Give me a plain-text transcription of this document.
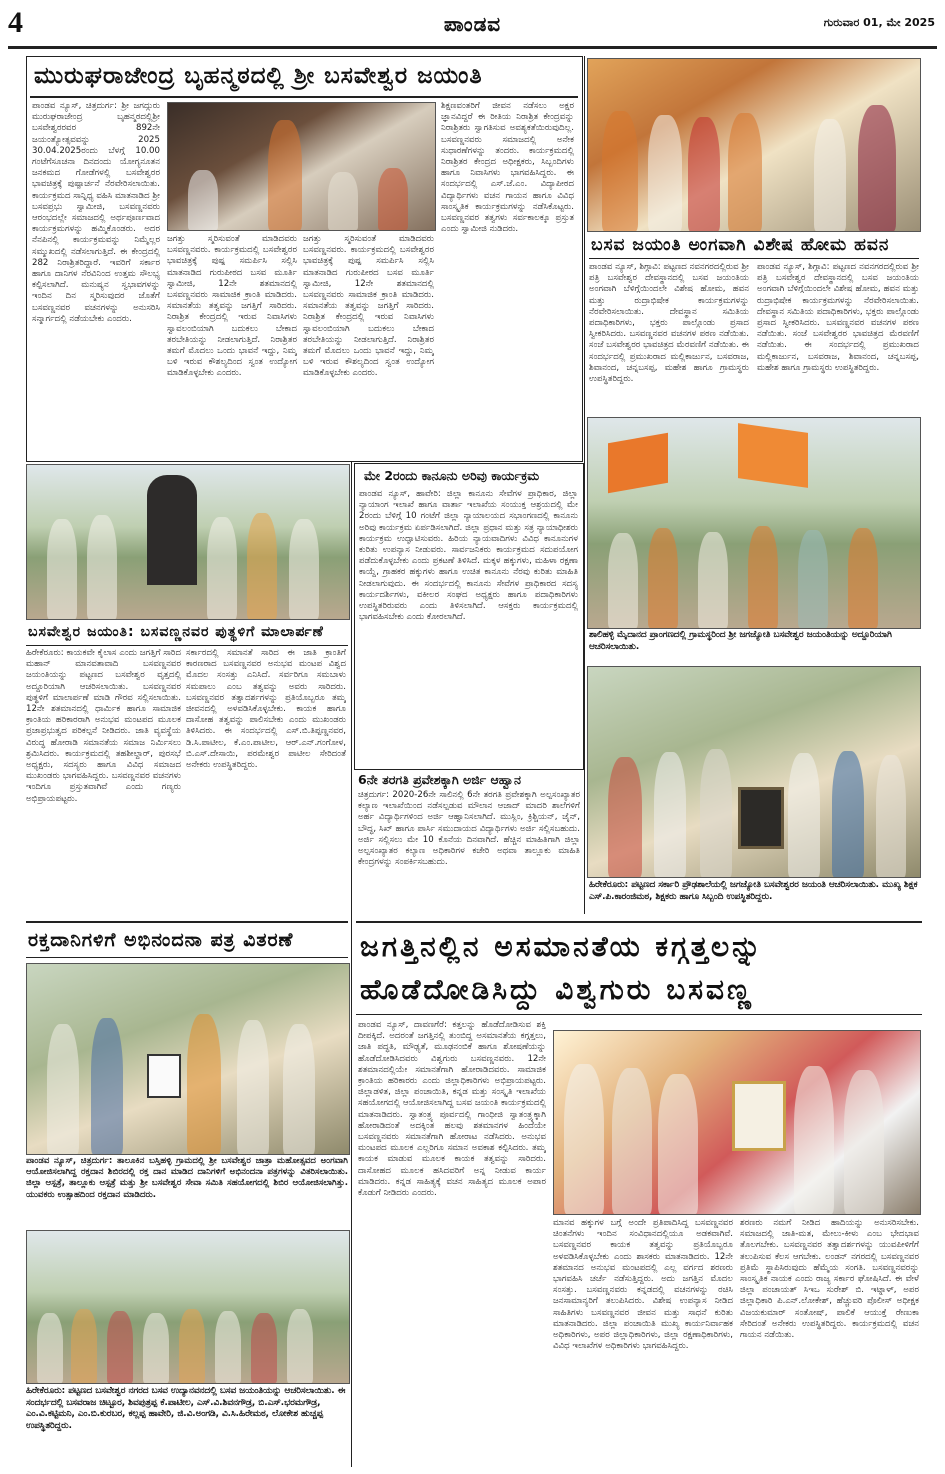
4	ಪಾಂಡವ	ಗುರುವಾರ 01, ಮೇ 2025
ಮುರುಘರಾಜೇಂದ್ರ ಬೃಹನ್ಮಠದಲ್ಲಿ ಶ್ರೀ ಬಸವೇಶ್ವರ ಜಯಂತಿ
ಪಾಂಡವ ನ್ಯೂಸ್, ಚಿತ್ರದುರ್ಗ: ಶ್ರೀ ಜಗದ್ಗುರು ಮುರುಘರಾಜೇಂದ್ರ ಬೃಹನ್ಮಠದಲ್ಲಿಶ್ರೀ ಬಸವೇಶ್ವರರವರ 892ನೇ ಜಯಂತ್ಯೋತ್ಸವವನ್ನು 2025 30.04.2025ರಂದು ಬೆಳಗ್ಗೆ 10.00 ಗಂಟೆಗೆಸೂಚನಾ ದಿನದಂದು ಯೋಗ್ಯನೂತನ ಜನಕಮದ ಗೋಡೆಗಳಲ್ಲಿ ಬಸವೇಶ್ವರರ ಭಾವಚಿತ್ರಕ್ಕೆ ಪುಷ್ಪಾರ್ಚನೆ ನೆರವೇರಿಸಲಾಯಿತು. ಕಾರ್ಯಕ್ರಮದ ಸಾನ್ನಿಧ್ಯ ವಹಿಸಿ ಮಾತನಾಡಿದ ಶ್ರೀ ಬಸವಪ್ರಭು ಸ್ವಾಮೀಜಿ, ಬಸವಣ್ಣನವರು ಆರಂಭದಲ್ಲೇ ಸಮಾಜದಲ್ಲಿ ಅರ್ಥಪೂರ್ಣವಾದ ಕಾರ್ಯಕ್ರಮಗಳನ್ನು ಹಮ್ಮಿಕೊಂಡರು. ಅದರ ನೆನಪಿನಲ್ಲಿ ಕಾರ್ಯಕ್ರಮವನ್ನು ನಿಮ್ಮೆಲ್ಲರ ಸಮ್ಮುಖದಲ್ಲಿ ನಡೆಸಲಾಗುತ್ತಿದೆ. ಈ ಕೇಂದ್ರದಲ್ಲಿ 282 ನಿರಾಶ್ರಿತರಿದ್ದಾರೆ. ಇವರಿಗೆ ಸರ್ಕಾರ ಹಾಗೂ ದಾನಿಗಳ ನೆರವಿನಿಂದ ಉತ್ತಮ ಸೌಲಭ್ಯ ಕಲ್ಪಿಸಲಾಗಿದೆ. ಮನುಷ್ಯನ ಸ್ವಭಾವಗಳನ್ನು ಇಂದಿನ ದಿನ ಸ್ಮರಿಸುವುದರ ಜೊತೆಗೆ ಬಸವಣ್ಣನವರ ವಚನಗಳನ್ನು ಅನುಸರಿಸಿ ಸನ್ಮಾರ್ಗದಲ್ಲಿ ನಡೆಯಬೇಕು ಎಂದರು.
ಜಗತ್ತು ಸ್ಮರಿಸುವಂತೆ ಮಾಡಿದವರು ಬಸವಣ್ಣನವರು. ಕಾರ್ಯಕ್ರಮದಲ್ಲಿ ಬಸವೇಶ್ವರರ ಭಾವಚಿತ್ರಕ್ಕೆ ಪುಷ್ಪ ಸಮರ್ಪಿಸಿ ಸಲ್ಲಿಸಿ ಮಾತನಾಡಿದ ಗುರುಪೀಠದ ಬಸವ ಮೂರ್ತಿ ಸ್ವಾಮೀಜಿ, 12ನೇ ಶತಮಾನದಲ್ಲಿ ಬಸವಣ್ಣನವರು ಸಾಮಾಜಿಕ ಕ್ರಾಂತಿ ಮಾಡಿದರು. ಸಮಾನತೆಯ ತತ್ವವನ್ನು ಜಗತ್ತಿಗೆ ಸಾರಿದರು. ನಿರಾಶ್ರಿತ ಕೇಂದ್ರದಲ್ಲಿ ಇರುವ ನಿವಾಸಿಗಳು ಸ್ವಾವಲಂಬಿಯಾಗಿ ಬದುಕಲು ಬೇಕಾದ ತರಬೇತಿಯನ್ನು ನೀಡಲಾಗುತ್ತಿದೆ. ನಿರಾಶ್ರಿತರ ತಮಗೆ ಮೊದಲು ಒಂದು ಭಾವನೆ ಇದ್ದು, ನಿಮ್ಮ ಬಳಿ ಇರುವ ಕೌಶಲ್ಯದಿಂದ ಸ್ವಂತ ಉದ್ಯೋಗ ಮಾಡಿಕೊಳ್ಳಬೇಕು ಎಂದರು.
ಜಗತ್ತು ಸ್ಮರಿಸುವಂತೆ ಮಾಡಿದವರು ಬಸವಣ್ಣನವರು. ಕಾರ್ಯಕ್ರಮದಲ್ಲಿ ಬಸವೇಶ್ವರರ ಭಾವಚಿತ್ರಕ್ಕೆ ಪುಷ್ಪ ಸಮರ್ಪಿಸಿ ಸಲ್ಲಿಸಿ ಮಾತನಾಡಿದ ಗುರುಪೀಠದ ಬಸವ ಮೂರ್ತಿ ಸ್ವಾಮೀಜಿ, 12ನೇ ಶತಮಾನದಲ್ಲಿ ಬಸವಣ್ಣನವರು ಸಾಮಾಜಿಕ ಕ್ರಾಂತಿ ಮಾಡಿದರು. ಸಮಾನತೆಯ ತತ್ವವನ್ನು ಜಗತ್ತಿಗೆ ಸಾರಿದರು. ನಿರಾಶ್ರಿತ ಕೇಂದ್ರದಲ್ಲಿ ಇರುವ ನಿವಾಸಿಗಳು ಸ್ವಾವಲಂಬಿಯಾಗಿ ಬದುಕಲು ಬೇಕಾದ ತರಬೇತಿಯನ್ನು ನೀಡಲಾಗುತ್ತಿದೆ. ನಿರಾಶ್ರಿತರ ತಮಗೆ ಮೊದಲು ಒಂದು ಭಾವನೆ ಇದ್ದು, ನಿಮ್ಮ ಬಳಿ ಇರುವ ಕೌಶಲ್ಯದಿಂದ ಸ್ವಂತ ಉದ್ಯೋಗ ಮಾಡಿಕೊಳ್ಳಬೇಕು ಎಂದರು.
ಶಿಕ್ಷಣವಂತರಿಗೆ ಜೀವನ ನಡೆಸಲು ಅಕ್ಷರ ಜ್ಞಾನವಿದ್ದರೆ ಈ ರೀತಿಯ ನಿರಾಶ್ರಿತ ಕೇಂದ್ರವನ್ನು ನಿರಾಶ್ರಿತರು ಸ್ವಾಗತಿಸುವ ಅವಶ್ಯಕತೆಯಿರುವುದಿಲ್ಲ. ಬಸವಣ್ಣನವರು ಸಮಾಜದಲ್ಲಿ ಅನೇಕ ಸುಧಾರಣೆಗಳನ್ನು ತಂದರು. ಕಾರ್ಯಕ್ರಮದಲ್ಲಿ ನಿರಾಶ್ರಿತರ ಕೇಂದ್ರದ ಅಧೀಕ್ಷಕರು, ಸಿಬ್ಬಂದಿಗಳು ಹಾಗೂ ನಿವಾಸಿಗಳು ಭಾಗವಹಿಸಿದ್ದರು. ಈ ಸಂದರ್ಭದಲ್ಲಿ ಎಸ್.ಜೆ.ಎಂ. ವಿದ್ಯಾಪೀಠದ ವಿದ್ಯಾರ್ಥಿಗಳು ವಚನ ಗಾಯನ ಹಾಗೂ ವಿವಿಧ ಸಾಂಸ್ಕೃತಿಕ ಕಾರ್ಯಕ್ರಮಗಳನ್ನು ನಡೆಸಿಕೊಟ್ಟರು. ಬಸವಣ್ಣನವರ ತತ್ವಗಳು ಸರ್ವಕಾಲಕ್ಕೂ ಪ್ರಸ್ತುತ ಎಂದು ಸ್ವಾಮೀಜಿ ನುಡಿದರು.
ಬಸವ ಜಯಂತಿ ಅಂಗವಾಗಿ ವಿಶೇಷ ಹೋಮ ಹವನ
ಪಾಂಡವ ನ್ಯೂಸ್, ಶಿಗ್ಗಾವಿ: ಪಟ್ಟಣದ ನವನಗರದಲ್ಲಿರುವ ಶ್ರೀ ಪತ್ರಿ ಬಸವೇಶ್ವರ ದೇವಸ್ಥಾನದಲ್ಲಿ ಬಸವ ಜಯಂತಿಯ ಅಂಗವಾಗಿ ಬೆಳಿಗ್ಗೆಯಿಂದಲೇ ವಿಶೇಷ ಹೋಮ, ಹವನ ಮತ್ತು ರುದ್ರಾಭಿಷೇಕ ಕಾರ್ಯಕ್ರಮಗಳನ್ನು ನೆರವೇರಿಸಲಾಯಿತು. ದೇವಸ್ಥಾನ ಸಮಿತಿಯ ಪದಾಧಿಕಾರಿಗಳು, ಭಕ್ತರು ಪಾಲ್ಗೊಂಡು ಪ್ರಸಾದ ಸ್ವೀಕರಿಸಿದರು. ಬಸವಣ್ಣನವರ ವಚನಗಳ ಪಠಣ ನಡೆಯಿತು. ಸಂಜೆ ಬಸವೇಶ್ವರರ ಭಾವಚಿತ್ರದ ಮೆರವಣಿಗೆ ನಡೆಯಿತು. ಈ ಸಂದರ್ಭದಲ್ಲಿ ಪ್ರಮುಖರಾದ ಮಲ್ಲಿಕಾರ್ಜುನ, ಬಸವರಾಜ, ಶಿವಾನಂದ, ಚನ್ನಬಸಪ್ಪ, ಮಹೇಶ ಹಾಗೂ ಗ್ರಾಮಸ್ಥರು ಉಪಸ್ಥಿತರಿದ್ದರು.
ಪಾಂಡವ ನ್ಯೂಸ್, ಶಿಗ್ಗಾವಿ: ಪಟ್ಟಣದ ನವನಗರದಲ್ಲಿರುವ ಶ್ರೀ ಪತ್ರಿ ಬಸವೇಶ್ವರ ದೇವಸ್ಥಾನದಲ್ಲಿ ಬಸವ ಜಯಂತಿಯ ಅಂಗವಾಗಿ ಬೆಳಿಗ್ಗೆಯಿಂದಲೇ ವಿಶೇಷ ಹೋಮ, ಹವನ ಮತ್ತು ರುದ್ರಾಭಿಷೇಕ ಕಾರ್ಯಕ್ರಮಗಳನ್ನು ನೆರವೇರಿಸಲಾಯಿತು. ದೇವಸ್ಥಾನ ಸಮಿತಿಯ ಪದಾಧಿಕಾರಿಗಳು, ಭಕ್ತರು ಪಾಲ್ಗೊಂಡು ಪ್ರಸಾದ ಸ್ವೀಕರಿಸಿದರು. ಬಸವಣ್ಣನವರ ವಚನಗಳ ಪಠಣ ನಡೆಯಿತು. ಸಂಜೆ ಬಸವೇಶ್ವರರ ಭಾವಚಿತ್ರದ ಮೆರವಣಿಗೆ ನಡೆಯಿತು. ಈ ಸಂದರ್ಭದಲ್ಲಿ ಪ್ರಮುಖರಾದ ಮಲ್ಲಿಕಾರ್ಜುನ, ಬಸವರಾಜ, ಶಿವಾನಂದ, ಚನ್ನಬಸಪ್ಪ, ಮಹೇಶ ಹಾಗೂ ಗ್ರಾಮಸ್ಥರು ಉಪಸ್ಥಿತರಿದ್ದರು.
ಶಾಲಿಹಳ್ಳಿ ಮೈದಾನದ ಪ್ರಾಂಗಣದಲ್ಲಿ ಗ್ರಾಮಸ್ಥರಿಂದ ಶ್ರೀ ಜಗಜ್ಯೋತಿ ಬಸವೇಶ್ವರ ಜಯಂತಿಯನ್ನು ಅದ್ದೂರಿಯಾಗಿ ಆಚರಿಸಲಾಯಿತು.
ಹಿರೇಕೆರೂರು: ಪಟ್ಟಣದ ಸರ್ಕಾರಿ ಪ್ರೌಢಶಾಲೆಯಲ್ಲಿ ಜಗಜ್ಯೋತಿ ಬಸವೇಶ್ವರರ ಜಯಂತಿ ಆಚರಿಸಲಾಯಿತು. ಮುಖ್ಯ ಶಿಕ್ಷಕ ಎಸ್.ಪಿ.ಕಾರಂಜಿಮಠ, ಶಿಕ್ಷಕರು ಹಾಗೂ ಸಿಬ್ಬಂದಿ ಉಪಸ್ಥಿತರಿದ್ದರು.
ಬಸವೇಶ್ವರ ಜಯಂತಿ: ಬಸವಣ್ಣನವರ ಪುತ್ಥಳಿಗೆ ಮಾಲಾರ್ಪಣೆ
ಹಿರೇಕೆರೂರು: ಕಾಯಕವೇ ಕೈಲಾಸ ಎಂದು ಜಗತ್ತಿಗೆ ಸಾರಿದ ಮಹಾನ್ ಮಾನವತಾವಾದಿ ಬಸವಣ್ಣನವರ ಜಯಂತಿಯನ್ನು ಪಟ್ಟಣದ ಬಸವೇಶ್ವರ ವೃತ್ತದಲ್ಲಿ ಅದ್ದೂರಿಯಾಗಿ ಆಚರಿಸಲಾಯಿತು. ಬಸವಣ್ಣನವರ ಪುತ್ಥಳಿಗೆ ಮಾಲಾರ್ಪಣೆ ಮಾಡಿ ಗೌರವ ಸಲ್ಲಿಸಲಾಯಿತು. 12ನೇ ಶತಮಾನದಲ್ಲಿ ಧಾರ್ಮಿಕ ಹಾಗೂ ಸಾಮಾಜಿಕ ಕ್ರಾಂತಿಯ ಹರಿಕಾರರಾಗಿ ಅನುಭವ ಮಂಟಪದ ಮೂಲಕ ಪ್ರಜಾಪ್ರಭುತ್ವದ ಪರಿಕಲ್ಪನೆ ನೀಡಿದರು. ಜಾತಿ ವ್ಯವಸ್ಥೆಯ ವಿರುದ್ಧ ಹೋರಾಡಿ ಸಮಾನತೆಯ ಸಮಾಜ ನಿರ್ಮಿಸಲು ಶ್ರಮಿಸಿದರು. ಕಾರ್ಯಕ್ರಮದಲ್ಲಿ ತಹಶೀಲ್ದಾರ್, ಪುರಸಭೆ ಅಧ್ಯಕ್ಷರು, ಸದಸ್ಯರು ಹಾಗೂ ವಿವಿಧ ಸಮಾಜದ ಮುಖಂಡರು ಭಾಗವಹಿಸಿದ್ದರು. ಬಸವಣ್ಣನವರ ವಚನಗಳು ಇಂದಿಗೂ ಪ್ರಸ್ತುತವಾಗಿವೆ ಎಂದು ಗಣ್ಯರು ಅಭಿಪ್ರಾಯಪಟ್ಟರು.
ಸರ್ಕಾರದಲ್ಲಿ ಸಮಾನತೆ ಸಾರಿದ ಈ ಜಾತಿ ಕ್ರಾಂತಿಗೆ ಕಾರಣರಾದ ಬಸವಣ್ಣನವರ ಅನುಭವ ಮಂಟಪ ವಿಶ್ವದ ಮೊದಲ ಸಂಸತ್ತು ಎನಿಸಿದೆ. ಸರ್ವರಿಗೂ ಸಮಬಾಳು ಸಮಪಾಲು ಎಂಬ ತತ್ವವನ್ನು ಅವರು ಸಾರಿದರು. ಬಸವಣ್ಣನವರ ತತ್ವಾದರ್ಶಗಳನ್ನು ಪ್ರತಿಯೊಬ್ಬರೂ ತಮ್ಮ ಜೀವನದಲ್ಲಿ ಅಳವಡಿಸಿಕೊಳ್ಳಬೇಕು. ಕಾಯಕ ಹಾಗೂ ದಾಸೋಹ ತತ್ವವನ್ನು ಪಾಲಿಸಬೇಕು ಎಂದು ಮುಖಂಡರು ತಿಳಿಸಿದರು. ಈ ಸಂದರ್ಭದಲ್ಲಿ ಎಸ್.ಬಿ.ತಿಪ್ಪಣ್ಣನವರ, ಡಿ.ಸಿ.ಪಾಟೀಲ, ಕೆ.ಎಂ.ಪಾಟೀಲ, ಆರ್.ಎನ್.ಗಂಗೋಳ, ಬಿ.ಎಸ್.ದೇಸಾಯಿ, ಪರಮೇಶ್ವರ ಪಾಟೀಲ ಸೇರಿದಂತೆ ಅನೇಕರು ಉಪಸ್ಥಿತರಿದ್ದರು.
ಮೇ 2ರಂದು ಕಾನೂನು ಅರಿವು ಕಾರ್ಯಕ್ರಮ
ಪಾಂಡವ ನ್ಯೂಸ್, ಹಾವೇರಿ: ಜಿಲ್ಲಾ ಕಾನೂನು ಸೇವೆಗಳ ಪ್ರಾಧಿಕಾರ, ಜಿಲ್ಲಾ ನ್ಯಾಯಾಂಗ ಇಲಾಖೆ ಹಾಗೂ ವಾರ್ತಾ ಇಲಾಖೆಯ ಸಂಯುಕ್ತ ಆಶ್ರಯದಲ್ಲಿ ಮೇ 2ರಂದು ಬೆಳಿಗ್ಗೆ 10 ಗಂಟೆಗೆ ಜಿಲ್ಲಾ ನ್ಯಾಯಾಲಯದ ಸಭಾಂಗಣದಲ್ಲಿ ಕಾನೂನು ಅರಿವು ಕಾರ್ಯಕ್ರಮ ಏರ್ಪಡಿಸಲಾಗಿದೆ. ಜಿಲ್ಲಾ ಪ್ರಧಾನ ಮತ್ತು ಸತ್ರ ನ್ಯಾಯಾಧೀಶರು ಕಾರ್ಯಕ್ರಮ ಉದ್ಘಾಟಿಸುವರು. ಹಿರಿಯ ನ್ಯಾಯವಾದಿಗಳು ವಿವಿಧ ಕಾನೂನುಗಳ ಕುರಿತು ಉಪನ್ಯಾಸ ನೀಡುವರು. ಸಾರ್ವಜನಿಕರು ಕಾರ್ಯಕ್ರಮದ ಸದುಪಯೋಗ ಪಡೆದುಕೊಳ್ಳಬೇಕು ಎಂದು ಪ್ರಕಟಣೆ ತಿಳಿಸಿದೆ. ಮಕ್ಕಳ ಹಕ್ಕುಗಳು, ಮಹಿಳಾ ರಕ್ಷಣಾ ಕಾಯ್ದೆ, ಗ್ರಾಹಕರ ಹಕ್ಕುಗಳು ಹಾಗೂ ಉಚಿತ ಕಾನೂನು ನೆರವು ಕುರಿತು ಮಾಹಿತಿ ನೀಡಲಾಗುವುದು. ಈ ಸಂದರ್ಭದಲ್ಲಿ ಕಾನೂನು ಸೇವೆಗಳ ಪ್ರಾಧಿಕಾರದ ಸದಸ್ಯ ಕಾರ್ಯದರ್ಶಿಗಳು, ವಕೀಲರ ಸಂಘದ ಅಧ್ಯಕ್ಷರು ಹಾಗೂ ಪದಾಧಿಕಾರಿಗಳು ಉಪಸ್ಥಿತರಿರುವರು ಎಂದು ತಿಳಿಸಲಾಗಿದೆ. ಆಸಕ್ತರು ಕಾರ್ಯಕ್ರಮದಲ್ಲಿ ಭಾಗವಹಿಸಬೇಕು ಎಂದು ಕೋರಲಾಗಿದೆ.
6ನೇ ತರಗತಿ ಪ್ರವೇಶಕ್ಕಾಗಿ ಅರ್ಜಿ ಆಹ್ವಾನ
ಚಿತ್ರದುರ್ಗ: 2020-26ನೇ ಸಾಲಿನಲ್ಲಿ 6ನೇ ತರಗತಿ ಪ್ರವೇಶಕ್ಕಾಗಿ ಅಲ್ಪಸಂಖ್ಯಾತರ ಕಲ್ಯಾಣ ಇಲಾಖೆಯಿಂದ ನಡೆಸಲ್ಪಡುವ ಮೌಲಾನ ಆಜಾದ್ ಮಾದರಿ ಶಾಲೆಗಳಿಗೆ ಅರ್ಹ ವಿದ್ಯಾರ್ಥಿಗಳಿಂದ ಅರ್ಜಿ ಆಹ್ವಾನಿಸಲಾಗಿದೆ. ಮುಸ್ಲಿಂ, ಕ್ರಿಶ್ಚಿಯನ್, ಜೈನ್, ಬೌದ್ಧ, ಸಿಖ್ ಹಾಗೂ ಪಾರ್ಸಿ ಸಮುದಾಯದ ವಿದ್ಯಾರ್ಥಿಗಳು ಅರ್ಜಿ ಸಲ್ಲಿಸಬಹುದು. ಅರ್ಜಿ ಸಲ್ಲಿಸಲು ಮೇ 10 ಕೊನೆಯ ದಿನವಾಗಿದೆ. ಹೆಚ್ಚಿನ ಮಾಹಿತಿಗಾಗಿ ಜಿಲ್ಲಾ ಅಲ್ಪಸಂಖ್ಯಾತರ ಕಲ್ಯಾಣ ಅಧಿಕಾರಿಗಳ ಕಚೇರಿ ಅಥವಾ ತಾಲ್ಲೂಕು ಮಾಹಿತಿ ಕೇಂದ್ರಗಳನ್ನು ಸಂಪರ್ಕಿಸಬಹುದು.
ರಕ್ತದಾನಿಗಳಿಗೆ ಅಭಿನಂದನಾ ಪತ್ರ ವಿತರಣೆ
ಪಾಂಡವ ನ್ಯೂಸ್, ಚಿತ್ರದುರ್ಗ: ತಾಲೂಕಿನ ಬಸ್ತಿಹಳ್ಳಿ ಗ್ರಾಮದಲ್ಲಿ ಶ್ರೀ ಬಸವೇಶ್ವರ ಜಾತ್ರಾ ಮಹೋತ್ಸವದ ಅಂಗವಾಗಿ ಆಯೋಜಿಸಲಾಗಿದ್ದ ರಕ್ತದಾನ ಶಿಬಿರದಲ್ಲಿ ರಕ್ತ ದಾನ ಮಾಡಿದ ದಾನಿಗಳಿಗೆ ಅಭಿನಂದನಾ ಪತ್ರಗಳನ್ನು ವಿತರಿಸಲಾಯಿತು. ಜಿಲ್ಲಾ ಆಸ್ಪತ್ರೆ, ತಾಲ್ಲೂಕು ಆಸ್ಪತ್ರೆ ಮತ್ತು ಶ್ರೀ ಬಸವೇಶ್ವರ ಸೇವಾ ಸಮಿತಿ ಸಹಯೋಗದಲ್ಲಿ ಶಿಬಿರ ಆಯೋಜಿಸಲಾಗಿತ್ತು. ಯುವಕರು ಉತ್ಸಾಹದಿಂದ ರಕ್ತದಾನ ಮಾಡಿದರು.
ಹಿರೇಕೆರೂರು: ಪಟ್ಟಣದ ಬಸವೇಶ್ವರ ನಗರದ ಬಸವ ಉದ್ಯಾನವನದಲ್ಲಿ ಬಸವ ಜಯಂತಿಯನ್ನು ಆಚರಿಸಲಾಯಿತು. ಈ ಸಂದರ್ಭದಲ್ಲಿ ಬಸವರಾಜ ಚಿಟ್ಟೂರ, ಶಿವಪುತ್ರಪ್ಪ ಕೆ.ಪಾಟೀಲ, ಎಸ್.ವಿ.ಶಿವನಗೌಡ್ರ, ಬಿ.ಎಸ್.ಭರಮಗೌಡ್ರ, ಎಂ.ವಿ.ಕಟ್ಟಿಮನಿ, ಎಂ.ಬಿ.ಕುರಬರ, ಕಲ್ಲಪ್ಪ ಹಾವೇರಿ, ಜಿ.ವಿ.ಅಂಗಡಿ, ವಿ.ಸಿ.ಹಿರೇಮಠ, ಲೋಕೇಶ ಹುಚ್ಚಪ್ಪ ಉಪಸ್ಥಿತರಿದ್ದರು.
ಜಗತ್ತಿನಲ್ಲಿನ ಅಸಮಾನತೆಯ ಕಗ್ಗತ್ತಲನ್ನು
ಹೊಡೆದೋಡಿಸಿದ್ದು ವಿಶ್ವಗುರು ಬಸವಣ್ಣ
ಪಾಂಡವ ನ್ಯೂಸ್, ದಾವಣಗೆರೆ: ಕತ್ತಲನ್ನು ಹೊಡೆದೋಡಿಸುವ ಶಕ್ತಿ ದೀಪಕ್ಕಿದೆ. ಅದರಂತೆ ಜಗತ್ತಿನಲ್ಲಿ ತುಂಬಿದ್ದ ಅಸಮಾನತೆಯ ಕಗ್ಗತ್ತಲು, ಜಾತಿ ಪದ್ಧತಿ, ಮೌಢ್ಯತೆ, ಮೂಢನಂಬಿಕೆ ಹಾಗೂ ಶೋಷಣೆಯನ್ನು ಹೊಡೆದೋಡಿಸಿದವರು ವಿಶ್ವಗುರು ಬಸವಣ್ಣನವರು. 12ನೇ ಶತಮಾನದಲ್ಲಿಯೇ ಸಮಾನತೆಗಾಗಿ ಹೋರಾಡಿದವರು. ಸಾಮಾಜಿಕ ಕ್ರಾಂತಿಯ ಹರಿಕಾರರು ಎಂದು ಜಿಲ್ಲಾಧಿಕಾರಿಗಳು ಅಭಿಪ್ರಾಯಪಟ್ಟರು. ಜಿಲ್ಲಾಡಳಿತ, ಜಿಲ್ಲಾ ಪಂಚಾಯಿತಿ, ಕನ್ನಡ ಮತ್ತು ಸಂಸ್ಕೃತಿ ಇಲಾಖೆಯ ಸಹಯೋಗದಲ್ಲಿ ಆಯೋಜಿಸಲಾಗಿದ್ದ ಬಸವ ಜಯಂತಿ ಕಾರ್ಯಕ್ರಮದಲ್ಲಿ ಮಾತನಾಡಿದರು. ಸ್ವಾತಂತ್ರ್ಯ ಪೂರ್ವದಲ್ಲಿ ಗಾಂಧೀಜಿ ಸ್ವಾತಂತ್ರ್ಯಕ್ಕಾಗಿ ಹೋರಾಡಿದಂತೆ ಅದಕ್ಕಿಂತ ಹಲವು ಶತಮಾನಗಳ ಹಿಂದೆಯೇ ಬಸವಣ್ಣನವರು ಸಮಾನತೆಗಾಗಿ ಹೋರಾಟ ನಡೆಸಿದರು. ಅನುಭವ ಮಂಟಪದ ಮೂಲಕ ಎಲ್ಲರಿಗೂ ಸಮಾನ ಅವಕಾಶ ಕಲ್ಪಿಸಿದರು. ತಮ್ಮ ಕಾಯಕ ಮಾಡುವ ಮೂಲಕ ಕಾಯಕ ತತ್ವವನ್ನು ಸಾರಿದರು. ದಾಸೋಹದ ಮೂಲಕ ಹಸಿದವರಿಗೆ ಅನ್ನ ನೀಡುವ ಕಾರ್ಯ ಮಾಡಿದರು. ಕನ್ನಡ ಸಾಹಿತ್ಯಕ್ಕೆ ವಚನ ಸಾಹಿತ್ಯದ ಮೂಲಕ ಅಪಾರ ಕೊಡುಗೆ ನೀಡಿದರು ಎಂದರು.
ಮಾನವ ಹಕ್ಕುಗಳ ಬಗ್ಗೆ ಅಂದೇ ಪ್ರತಿಪಾದಿಸಿದ್ದ ಬಸವಣ್ಣನವರ ಚಿಂತನೆಗಳು ಇಂದಿನ ಸಂವಿಧಾನದಲ್ಲಿಯೂ ಅಡಕವಾಗಿವೆ. ಬಸವಣ್ಣನವರ ಕಾಯಕ ತತ್ವವನ್ನು ಪ್ರತಿಯೊಬ್ಬರೂ ಅಳವಡಿಸಿಕೊಳ್ಳಬೇಕು ಎಂದು ಶಾಸಕರು ಮಾತನಾಡಿದರು. 12ನೇ ಶತಮಾನದ ಅನುಭವ ಮಂಟಪದಲ್ಲಿ ಎಲ್ಲ ವರ್ಗದ ಶರಣರು ಭಾಗವಹಿಸಿ ಚರ್ಚೆ ನಡೆಸುತ್ತಿದ್ದರು. ಅದು ಜಗತ್ತಿನ ಮೊದಲ ಸಂಸತ್ತು. ಬಸವಣ್ಣನವರು ಕನ್ನಡದಲ್ಲಿ ವಚನಗಳನ್ನು ರಚಿಸಿ ಜನಸಾಮಾನ್ಯರಿಗೆ ತಲುಪಿಸಿದರು. ವಿಶೇಷ ಉಪನ್ಯಾಸ ನೀಡಿದ ಸಾಹಿತಿಗಳು ಬಸವಣ್ಣನವರ ಜೀವನ ಮತ್ತು ಸಾಧನೆ ಕುರಿತು ಮಾತನಾಡಿದರು. ಜಿಲ್ಲಾ ಪಂಚಾಯಿತಿ ಮುಖ್ಯ ಕಾರ್ಯನಿರ್ವಾಹಕ ಅಧಿಕಾರಿಗಳು, ಅಪರ ಜಿಲ್ಲಾಧಿಕಾರಿಗಳು, ಜಿಲ್ಲಾ ರಕ್ಷಣಾಧಿಕಾರಿಗಳು, ವಿವಿಧ ಇಲಾಖೆಗಳ ಅಧಿಕಾರಿಗಳು ಭಾಗವಹಿಸಿದ್ದರು.
ಶರಣರು ನಮಗೆ ನೀಡಿದ ಹಾದಿಯನ್ನು ಅನುಸರಿಸಬೇಕು. ಸಮಾಜದಲ್ಲಿ ಜಾತಿ-ಮತ, ಮೇಲು-ಕೀಳು ಎಂಬ ಭೇದಭಾವ ತೊಲಗಬೇಕು. ಬಸವಣ್ಣನವರ ತತ್ವಾದರ್ಶಗಳನ್ನು ಯುವಪೀಳಿಗೆಗೆ ತಲುಪಿಸುವ ಕೆಲಸ ಆಗಬೇಕು. ಲಂಡನ್ ನಗರದಲ್ಲಿ ಬಸವಣ್ಣನವರ ಪ್ರತಿಮೆ ಸ್ಥಾಪಿಸಿರುವುದು ಹೆಮ್ಮೆಯ ಸಂಗತಿ. ಬಸವಣ್ಣನವರನ್ನು ಸಾಂಸ್ಕೃತಿಕ ನಾಯಕ ಎಂದು ರಾಜ್ಯ ಸರ್ಕಾರ ಘೋಷಿಸಿದೆ. ಈ ವೇಳೆ ಜಿಲ್ಲಾ ಪಂಚಾಯತ್ ಸಿಇಒ ಸುರೇಶ್ ಬಿ. ಇಟ್ನಾಳ್, ಅಪರ ಜಿಲ್ಲಾಧಿಕಾರಿ ಪಿ.ಎನ್.ಲೋಕೇಶ್, ಹೆಚ್ಚುವರಿ ಪೊಲೀಸ್ ಅಧೀಕ್ಷಕ ವಿಜಯಕುಮಾರ್ ಸಂತೋಷ್, ಪಾಲಿಕೆ ಆಯುಕ್ತೆ ರೇಣುಕಾ ಸೇರಿದಂತೆ ಅನೇಕರು ಉಪಸ್ಥಿತರಿದ್ದರು. ಕಾರ್ಯಕ್ರಮದಲ್ಲಿ ವಚನ ಗಾಯನ ನಡೆಯಿತು.
